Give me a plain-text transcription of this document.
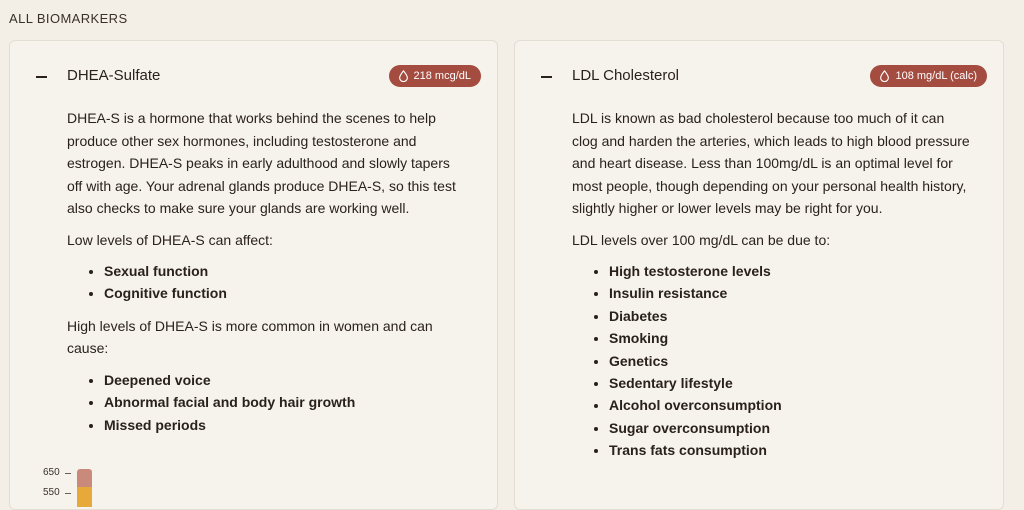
ALL BIOMARKERS
DHEA-Sulfate	218 mcg/dL

DHEA-S is a hormone that works behind the scenes to help produce other sex hormones, including testosterone and estrogen. DHEA-S peaks in early adulthood and slowly tapers off with age. Your adrenal glands produce DHEA-S, so this test also checks to make sure your glands are working well.

Low levels of DHEA-S can affect:

• Sexual function
• Cognitive function

High levels of DHEA-S is more common in women and can cause:

• Deepened voice
• Abnormal facial and body hair growth
• Missed periods
650
550
LDL Cholesterol	108 mg/dL (calc)

LDL is known as bad cholesterol because too much of it can clog and harden the arteries, which leads to high blood pressure and heart disease. Less than 100mg/dL is an optimal level for most people, though depending on your personal health history, slightly higher or lower levels may be right for you.

LDL levels over 100 mg/dL can be due to:

• High testosterone levels
• Insulin resistance
• Diabetes
• Smoking
• Genetics
• Sedentary lifestyle
• Alcohol overconsumption
• Sugar overconsumption
• Trans fats consumption
